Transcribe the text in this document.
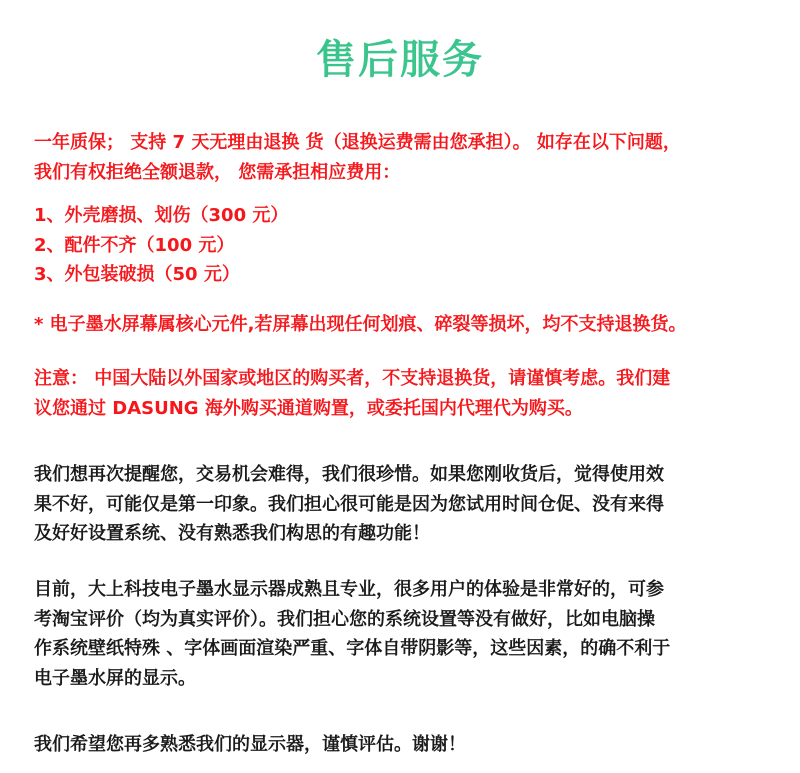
售后服务
一年质保； 支持 7 天无理由退换 货（退换运费需由您承担）。 如存在以下问题，
我们有权拒绝全额退款， 您需承担相应费用：
1、外壳磨损、划伤（300 元）
2、配件不齐（100 元）
3、外包装破损（50 元）
* 电子墨水屏幕属核心元件,若屏幕出现任何划痕、碎裂等损坏，均不支持退换货。
注意： 中国大陆以外国家或地区的购买者，不支持退换货，请谨慎考虑。我们建
议您通过 DASUNG 海外购买通道购置，或委托国内代理代为购买。
我们想再次提醒您，交易机会难得，我们很珍惜。如果您刚收货后，觉得使用效
果不好，可能仅是第一印象。我们担心很可能是因为您试用时间仓促、没有来得
及好好设置系统、没有熟悉我们构思的有趣功能！
目前，大上科技电子墨水显示器成熟且专业，很多用户的体验是非常好的，可参
考淘宝评价（均为真实评价）。我们担心您的系统设置等没有做好，比如电脑操
作系统壁纸特殊 、字体画面渲染严重、字体自带阴影等，这些因素，的确不利于
电子墨水屏的显示。
我们希望您再多熟悉我们的显示器，谨慎评估。谢谢！
